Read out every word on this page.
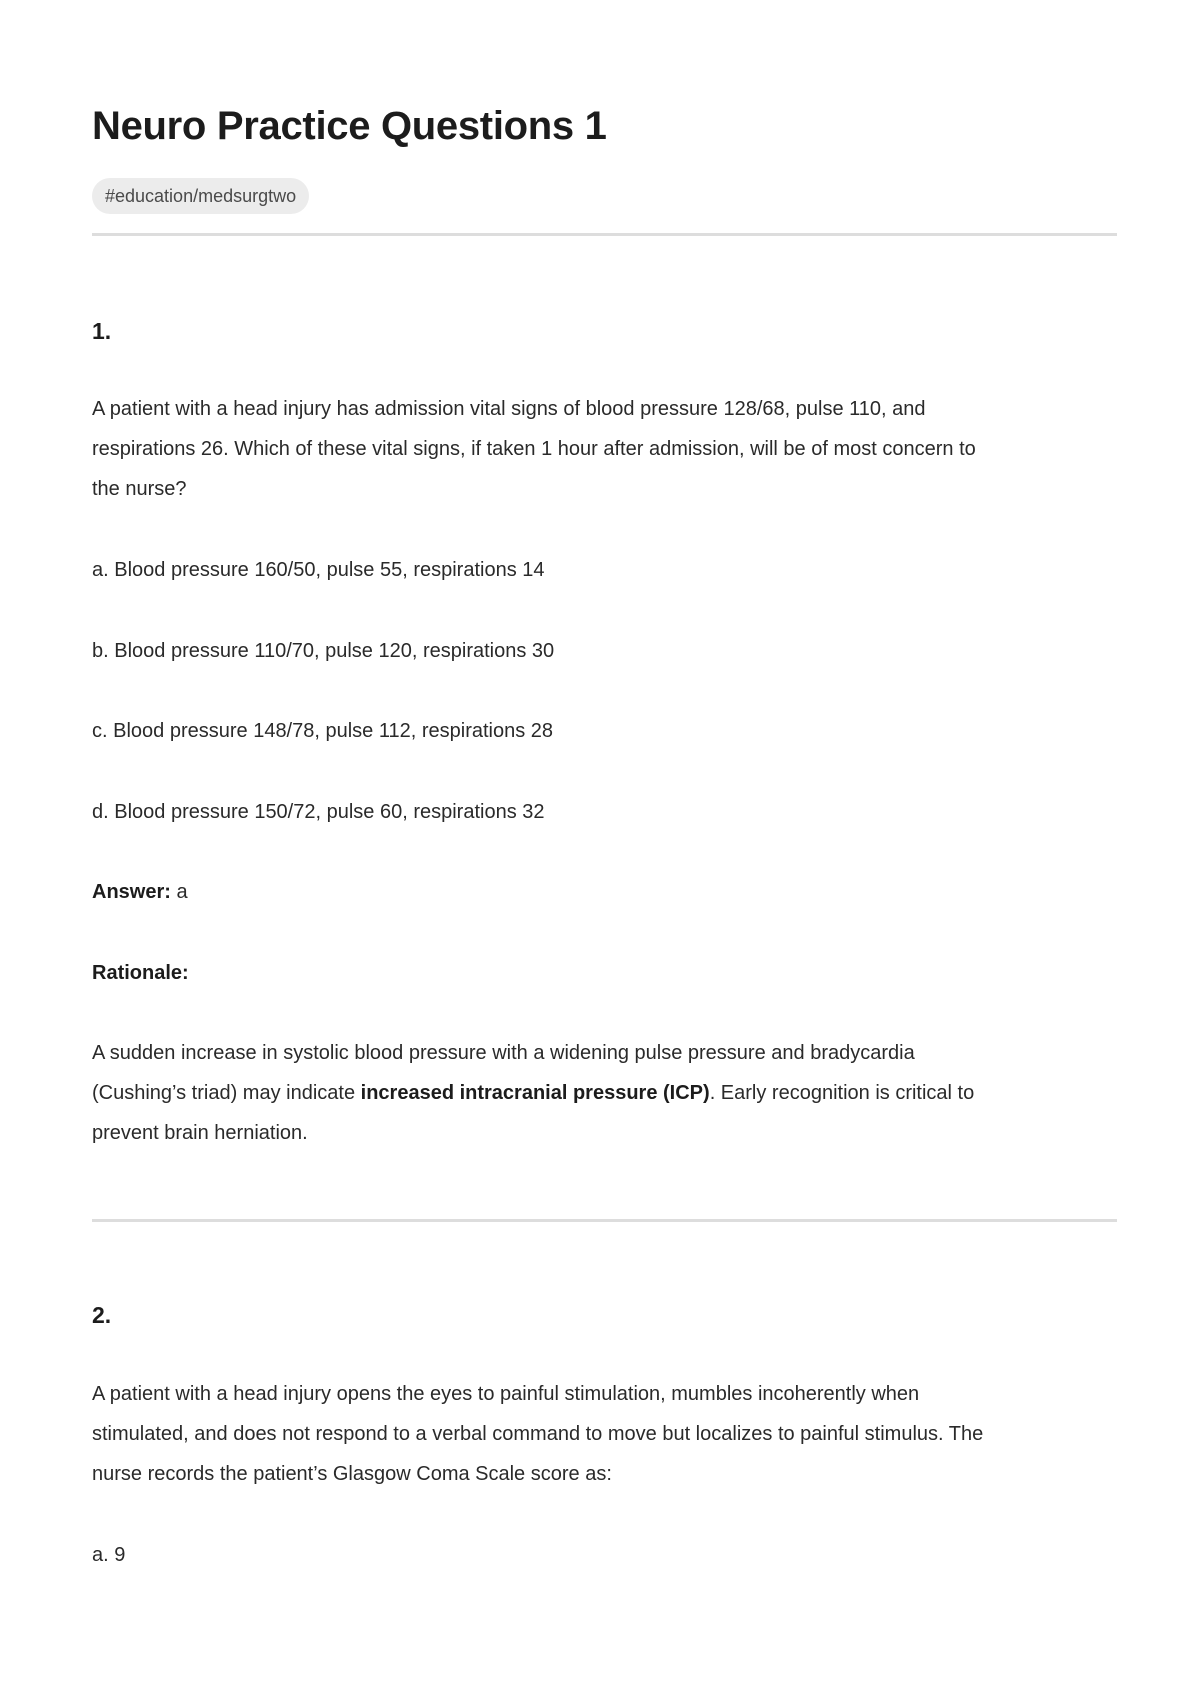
Neuro Practice Questions 1
#education/medsurgtwo
1.
A patient with a head injury has admission vital signs of blood pressure 128/68, pulse 110, and
respirations 26. Which of these vital signs, if taken 1 hour after admission, will be of most concern to
the nurse?
a. Blood pressure 160/50, pulse 55, respirations 14
b. Blood pressure 110/70, pulse 120, respirations 30
c. Blood pressure 148/78, pulse 112, respirations 28
d. Blood pressure 150/72, pulse 60, respirations 32
Answer: a
Rationale:
A sudden increase in systolic blood pressure with a widening pulse pressure and bradycardia
(Cushing’s triad) may indicate increased intracranial pressure (ICP). Early recognition is critical to
prevent brain herniation.
2.
A patient with a head injury opens the eyes to painful stimulation, mumbles incoherently when
stimulated, and does not respond to a verbal command to move but localizes to painful stimulus. The
nurse records the patient’s Glasgow Coma Scale score as:
a. 9
